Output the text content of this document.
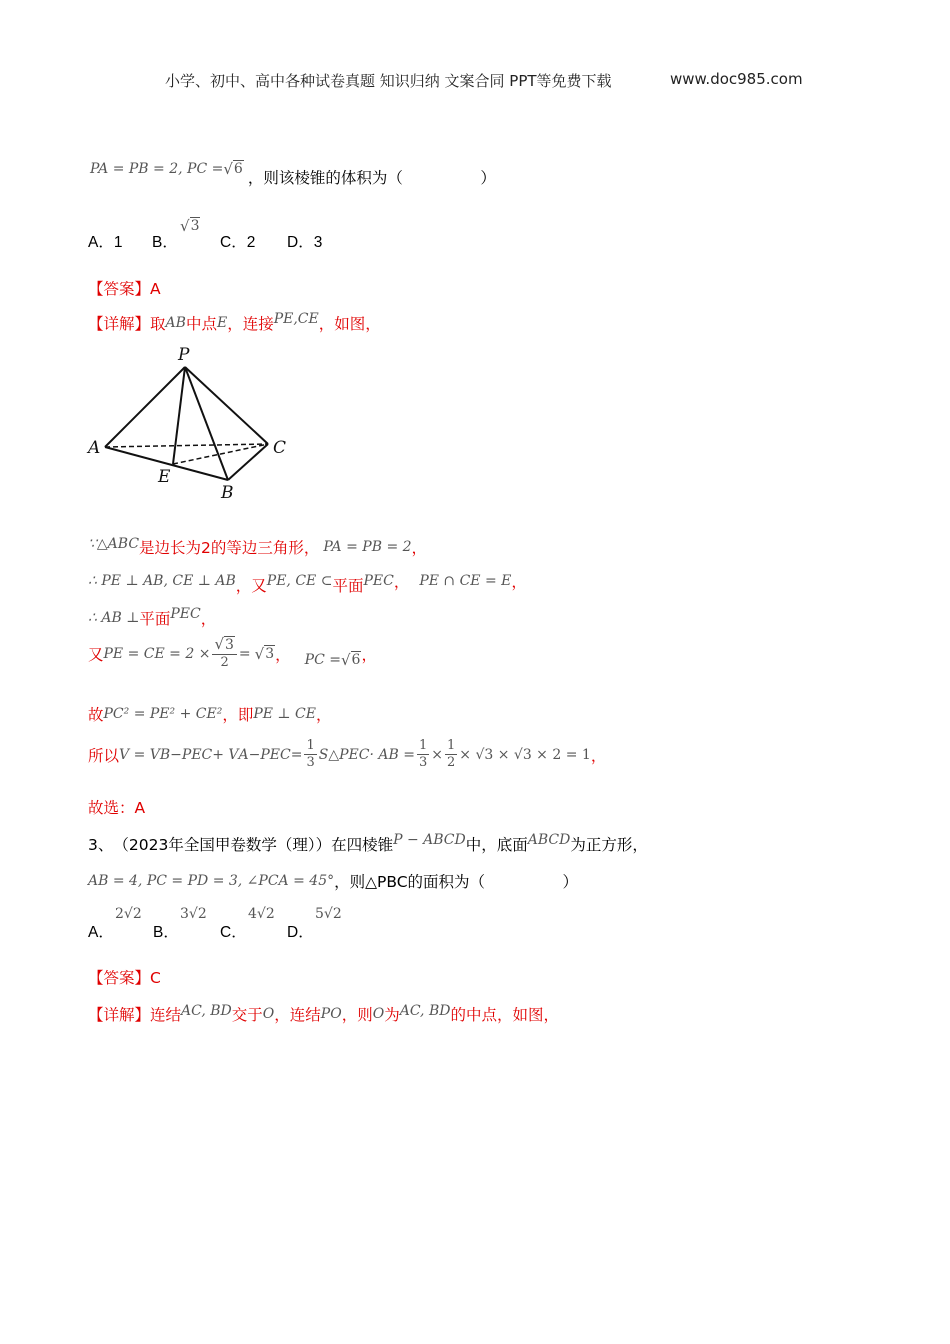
小学、初中、高中各种试卷真题 知识归纳 文案合同 PPT等免费下载	www.doc985.com
PA = PB = 2, PC = √ 6 ，则该棱锥的体积为（　　　　　）
A．1 B．
√ 3
C．2 D．3
【答案】A
【详解】 取 AB 中点 E ，连接 PE,CE ，如图，
P
A	C
E
B
∵△ABC 是边长为2的等边三角形， PA = PB = 2 ，
∴ PE ⊥ AB, CE ⊥ AB ，又 PE, CE ⊂ 平面 PEC ， PE ∩ CE = E ，
∴ AB ⊥ 平面 PEC ，
又 PE = CE = $2 \times \frac{√ 3}{2}$ = √ 3 ， PC = √ 6 ，
故 PC² = PE² + CE² ，即 PE ⊥ CE ，
所以 V = V B−PEC + V $A-PEC = \frac{1}{3}$ S △PEC · AB = $\frac{1}{3} \times \frac{1}{2} \times √3 \times √3 \times 2 = 1$ ，
故选：A
3、 （2023年全国甲卷数学（理））在四棱锥 P − ABCD 中，底面 ABCD 为正方形，
AB = 4, PC = PD = 3, ∠PCA = 45° ，则△PBC的面积为（　　　　　）
A．
2√2
B．
3√2
C．
4√2
D．
5√2
【答案】C
【详解】 连结 AC, BD 交于 O ，连结 PO ，则 O 为 AC, BD 的中点，如图，
